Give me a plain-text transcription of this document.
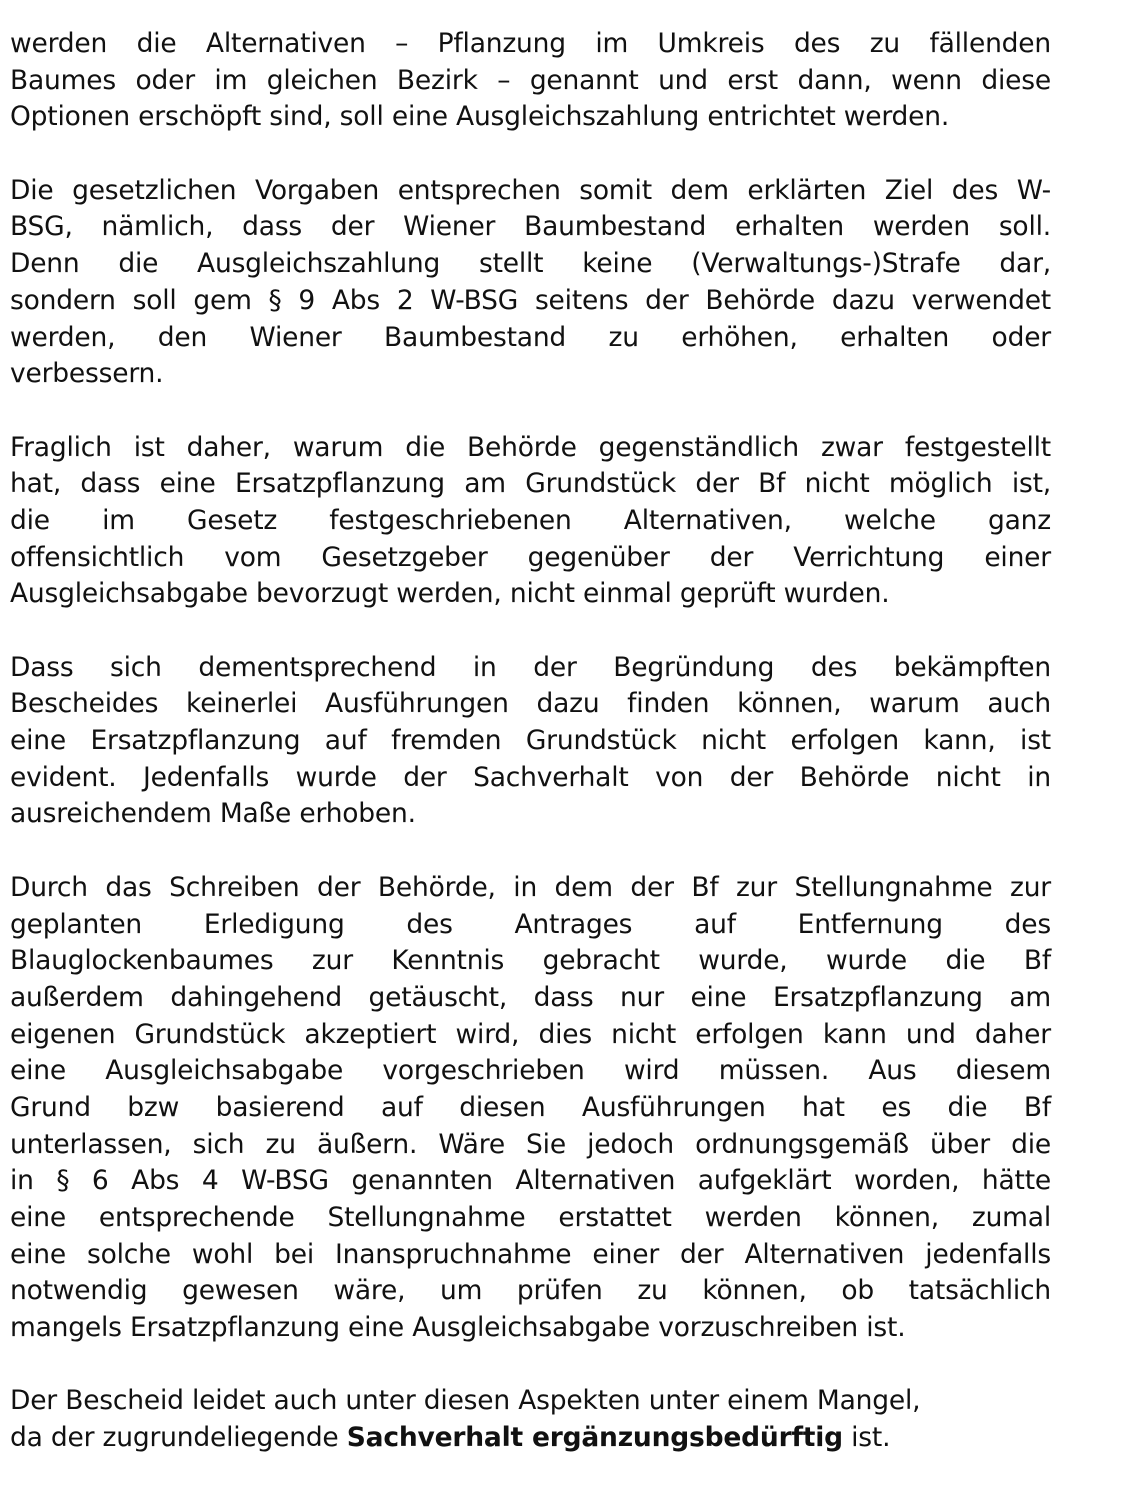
werden die Alternativen – Pflanzung im Umkreis des zu fällenden
Baumes oder im gleichen Bezirk – genannt und erst dann, wenn diese
Optionen erschöpft sind, soll eine Ausgleichszahlung entrichtet werden.
Die gesetzlichen Vorgaben entsprechen somit dem erklärten Ziel des W-
BSG, nämlich, dass der Wiener Baumbestand erhalten werden soll.
Denn die Ausgleichszahlung stellt keine (Verwaltungs-)Strafe dar,
sondern soll gem § 9 Abs 2 W-BSG seitens der Behörde dazu verwendet
werden, den Wiener Baumbestand zu erhöhen, erhalten oder
verbessern.
Fraglich ist daher, warum die Behörde gegenständlich zwar festgestellt
hat, dass eine Ersatzpflanzung am Grundstück der Bf nicht möglich ist,
die im Gesetz festgeschriebenen Alternativen, welche ganz
offensichtlich vom Gesetzgeber gegenüber der Verrichtung einer
Ausgleichsabgabe bevorzugt werden, nicht einmal geprüft wurden.
Dass sich dementsprechend in der Begründung des bekämpften
Bescheides keinerlei Ausführungen dazu finden können, warum auch
eine Ersatzpflanzung auf fremden Grundstück nicht erfolgen kann, ist
evident. Jedenfalls wurde der Sachverhalt von der Behörde nicht in
ausreichendem Maße erhoben.
Durch das Schreiben der Behörde, in dem der Bf zur Stellungnahme zur
geplanten Erledigung des Antrages auf Entfernung des
Blauglockenbaumes zur Kenntnis gebracht wurde, wurde die Bf
außerdem dahingehend getäuscht, dass nur eine Ersatzpflanzung am
eigenen Grundstück akzeptiert wird, dies nicht erfolgen kann und daher
eine Ausgleichsabgabe vorgeschrieben wird müssen. Aus diesem
Grund bzw basierend auf diesen Ausführungen hat es die Bf
unterlassen, sich zu äußern. Wäre Sie jedoch ordnungsgemäß über die
in § 6 Abs 4 W-BSG genannten Alternativen aufgeklärt worden, hätte
eine entsprechende Stellungnahme erstattet werden können, zumal
eine solche wohl bei Inanspruchnahme einer der Alternativen jedenfalls
notwendig gewesen wäre, um prüfen zu können, ob tatsächlich
mangels Ersatzpflanzung eine Ausgleichsabgabe vorzuschreiben ist.
Der Bescheid leidet auch unter diesen Aspekten unter einem Mangel,
da der zugrundeliegende Sachverhalt ergänzungsbedürftig ist.
